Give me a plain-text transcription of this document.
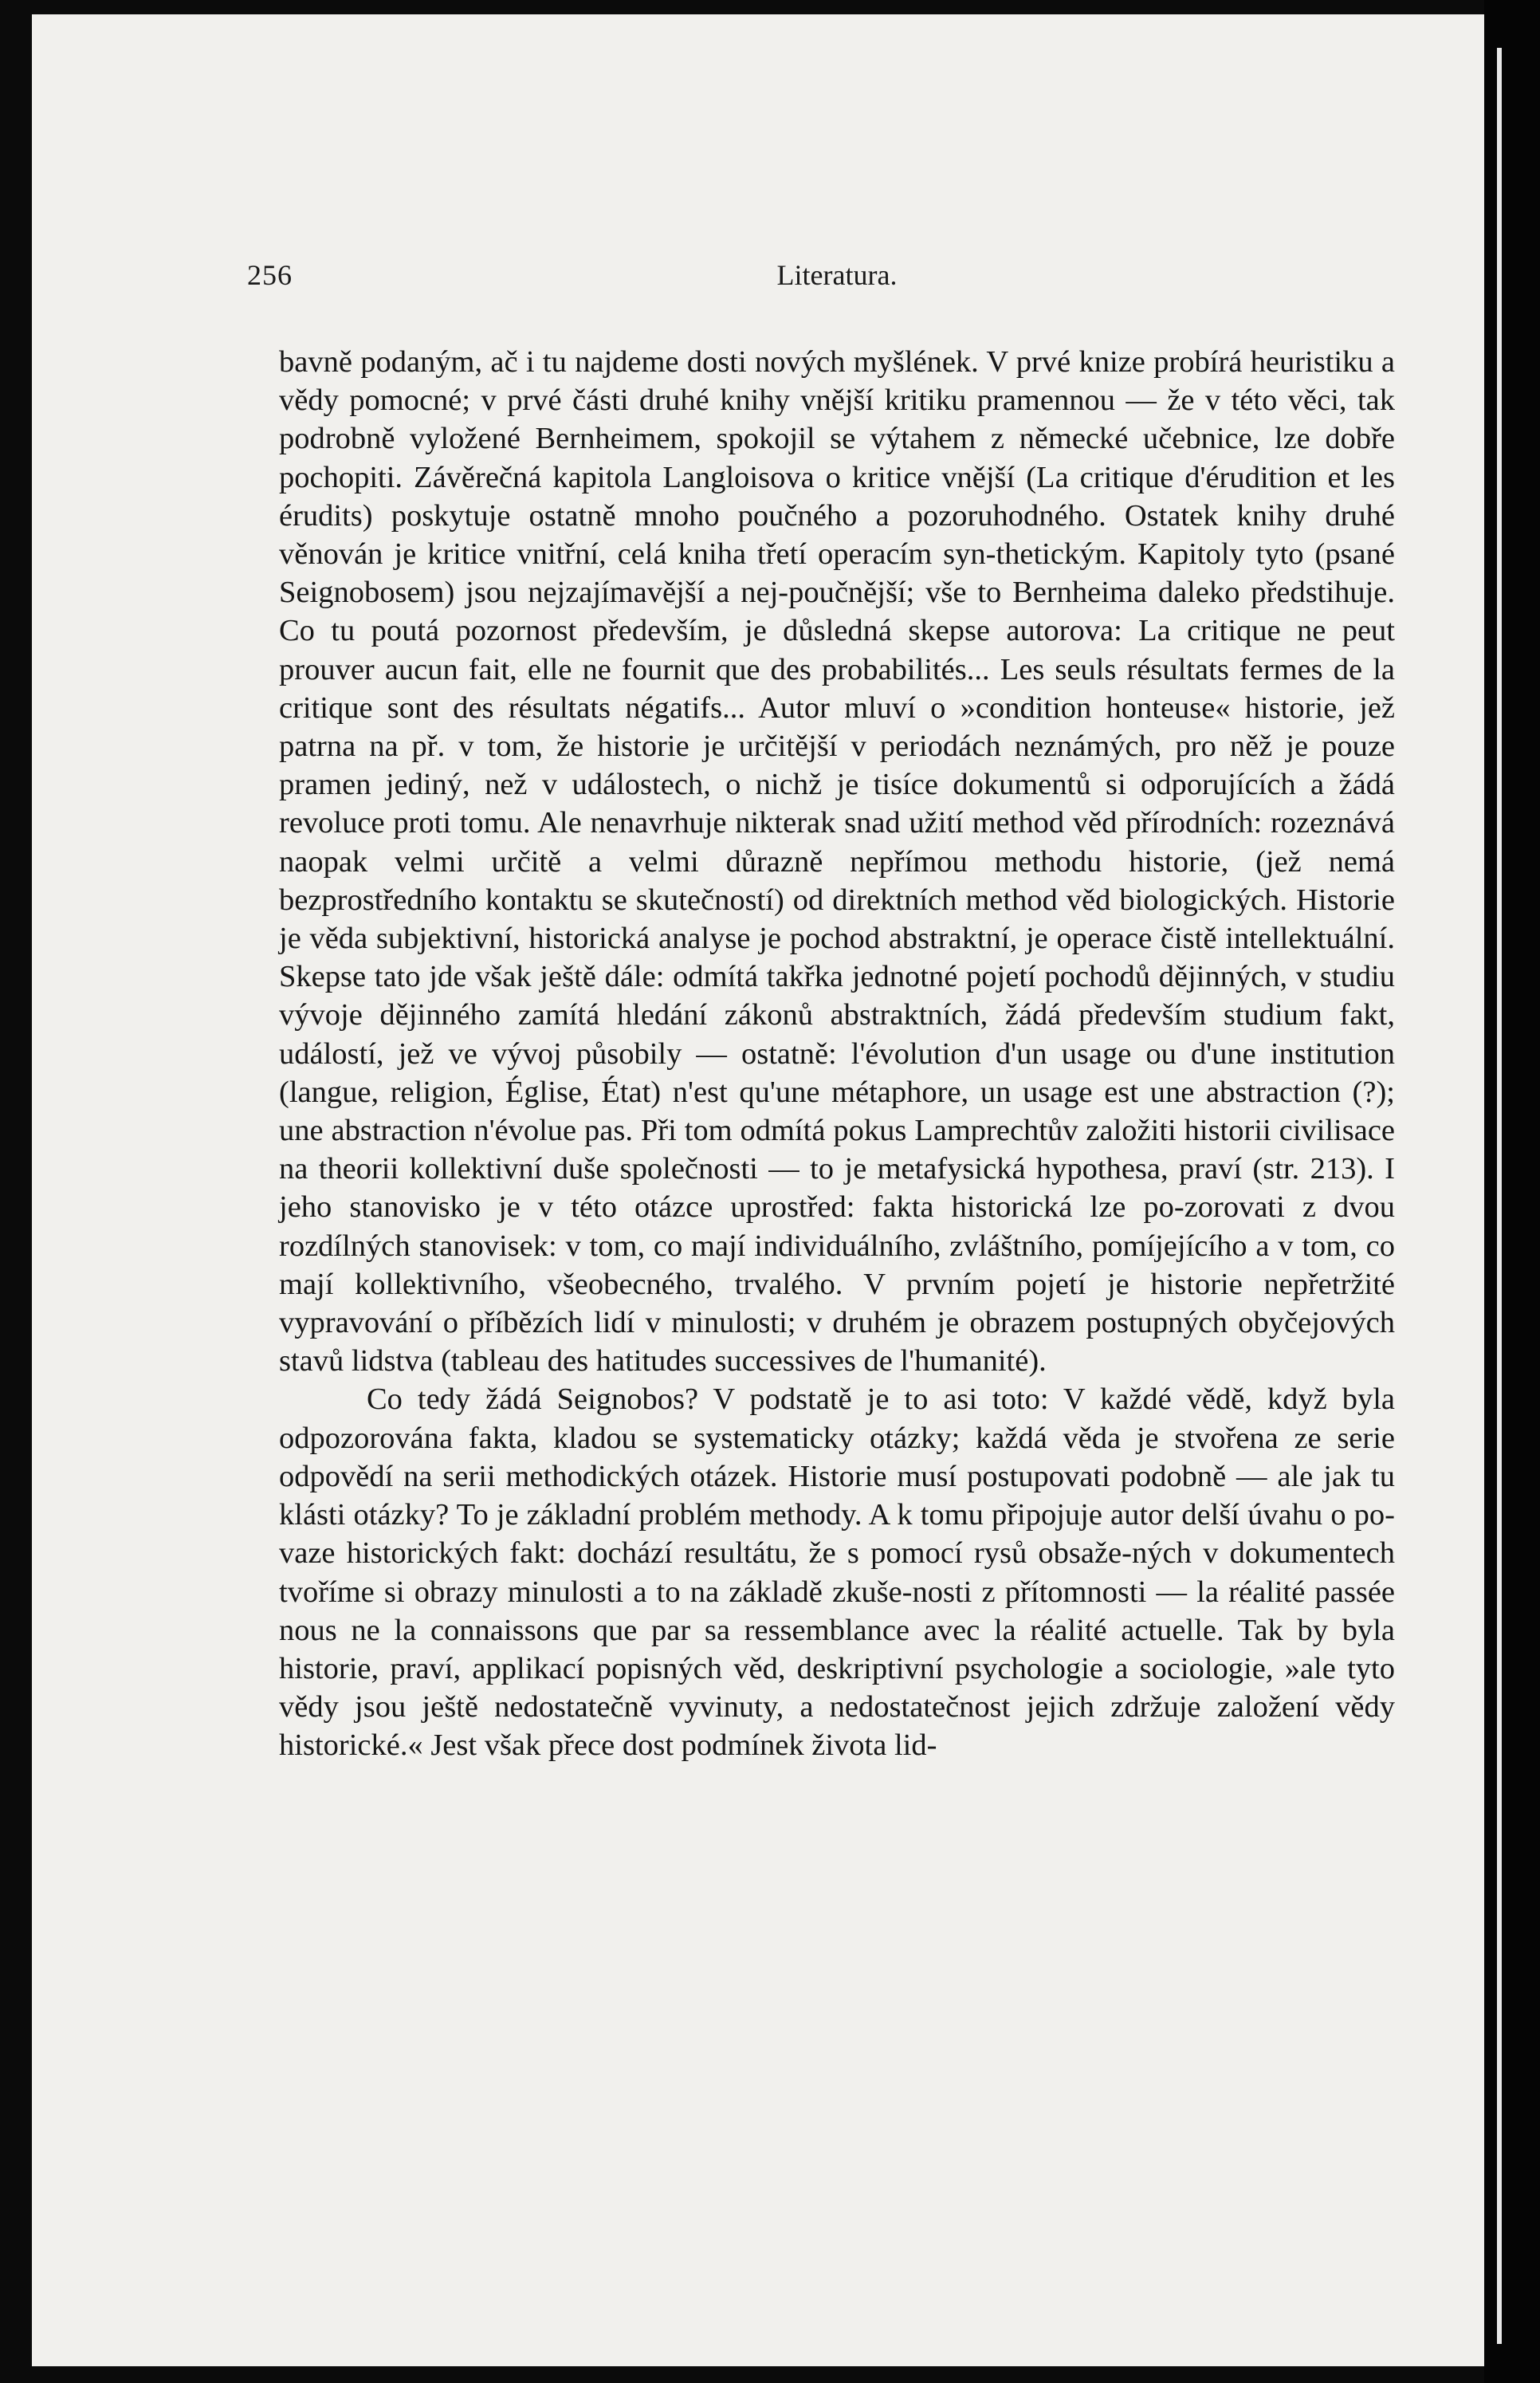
256	Literatura.

bavně podaným, ač i tu najdeme dosti nových myšlének. V prvé knize probírá heuristiku a vědy pomocné; v prvé části druhé knihy vnější kritiku pramennou — že v této věci, tak podrobně vyložené Bernheimem, spokojil se výtahem z německé učebnice, lze dobře pochopiti. Závěrečná kapitola Langloisova o kritice vnější (La critique d'érudition et les érudits) poskytuje ostatně mnoho poučného a pozoruhodného. Ostatek knihy druhé věnován je kritice vnitřní, celá kniha třetí operacím syn-thetickým. Kapitoly tyto (psané Seignobosem) jsou nejzajímavější a nej-poučnější; vše to Bernheima daleko předstihuje. Co tu poutá pozornost především, je důsledná skepse autorova: La critique ne peut prouver aucun fait, elle ne fournit que des probabilités... Les seuls résultats fermes de la critique sont des résultats négatifs... Autor mluví o »condition honteuse« historie, jež patrna na př. v tom, že historie je určitější v periodách neznámých, pro něž je pouze pramen jediný, než v událostech, o nichž je tisíce dokumentů si odporujících a žádá revoluce proti tomu. Ale nenavrhuje nikterak snad užití method věd přírodních: rozeznává naopak velmi určitě a velmi důrazně nepřímou methodu historie, (jež nemá bezprostředního kontaktu se skutečností) od direktních method věd biologických. Historie je věda subjektivní, historická analyse je pochod abstraktní, je operace čistě intellektuální. Skepse tato jde však ještě dále: odmítá takřka jednotné pojetí pochodů dějinných, v studiu vývoje dějinného zamítá hledání zákonů abstraktních, žádá především studium fakt, událostí, jež ve vývoj působily — ostatně: l'évolution d'un usage ou d'une institution (langue, religion, Église, État) n'est qu'une métaphore, un usage est une abstraction (?); une abstraction n'évolue pas. Při tom odmítá pokus Lamprechtův založiti historii civilisace na theorii kollektivní duše společnosti — to je metafysická hypothesa, praví (str. 213). I jeho stanovisko je v této otázce uprostřed: fakta historická lze po-zorovati z dvou rozdílných stanovisek: v tom, co mají individuálního, zvláštního, pomíjejícího a v tom, co mají kollektivního, všeobecného, trvalého. V prvním pojetí je historie nepřetržité vypravování o příbězích lidí v minulosti; v druhém je obrazem postupných obyčejových stavů lidstva (tableau des hatitudes successives de l'humanité).

Co tedy žádá Seignobos? V podstatě je to asi toto: V každé vědě, když byla odpozorována fakta, kladou se systematicky otázky; každá věda je stvořena ze serie odpovědí na serii methodických otázek. Historie musí postupovati podobně — ale jak tu klásti otázky? To je základní problém methody. A k tomu připojuje autor delší úvahu o po-vaze historických fakt: dochází resultátu, že s pomocí rysů obsaže-ných v dokumentech tvoříme si obrazy minulosti a to na základě zkuše-nosti z přítomnosti — la réalité passée nous ne la connaissons que par sa ressemblance avec la réalité actuelle. Tak by byla historie, praví, applikací popisných věd, deskriptivní psychologie a sociologie, »ale tyto vědy jsou ještě nedostatečně vyvinuty, a nedostatečnost jejich zdržuje založení vědy historické.« Jest však přece dost podmínek života lid-
